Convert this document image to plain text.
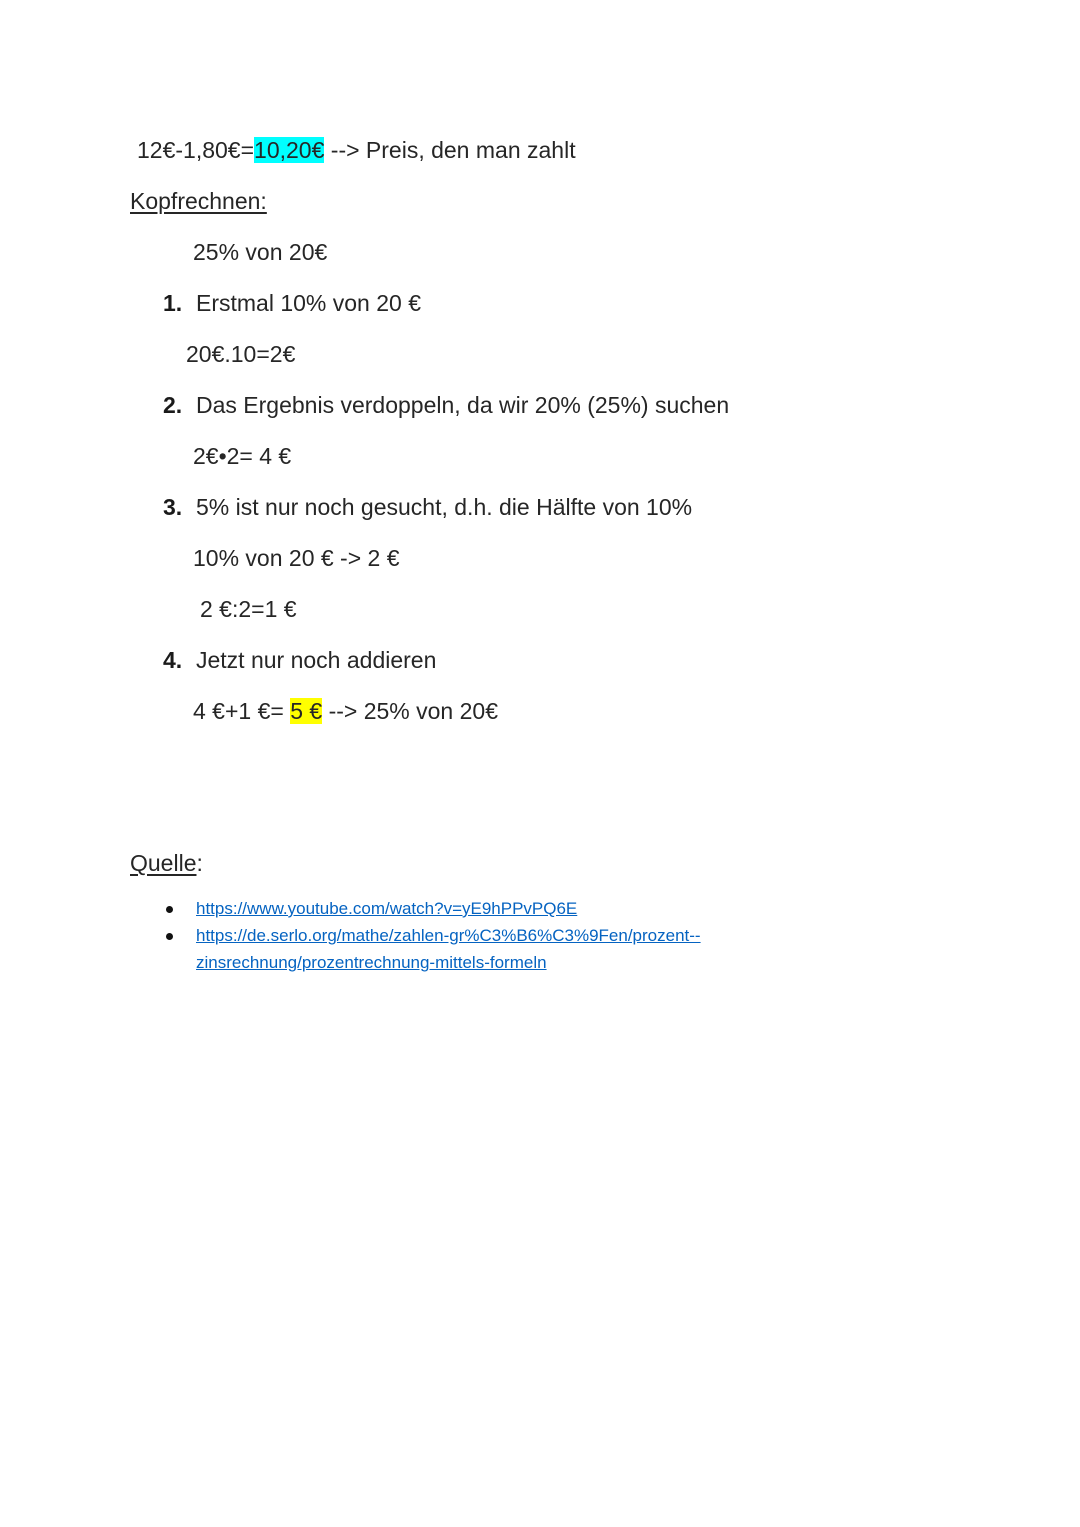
12€-1,80€=10,20€ --> Preis, den man zahlt
Kopfrechnen:
25% von 20€
1. Erstmal 10% von 20 €
20€.10=2€
2. Das Ergebnis verdoppeln, da wir 20% (25%) suchen
2€•2= 4 €
3. 5% ist nur noch gesucht, d.h. die Hälfte von 10%
10% von 20 € -> 2 €
2 €:2=1 €
4. Jetzt nur noch addieren
4 €+1 €= 5 € --> 25% von 20€
Quelle:
https://www.youtube.com/watch?v=yE9hPPvPQ6E
https://de.serlo.org/mathe/zahlen-gr%C3%B6%C3%9Fen/prozent--
zinsrechnung/prozentrechnung-mittels-formeln
